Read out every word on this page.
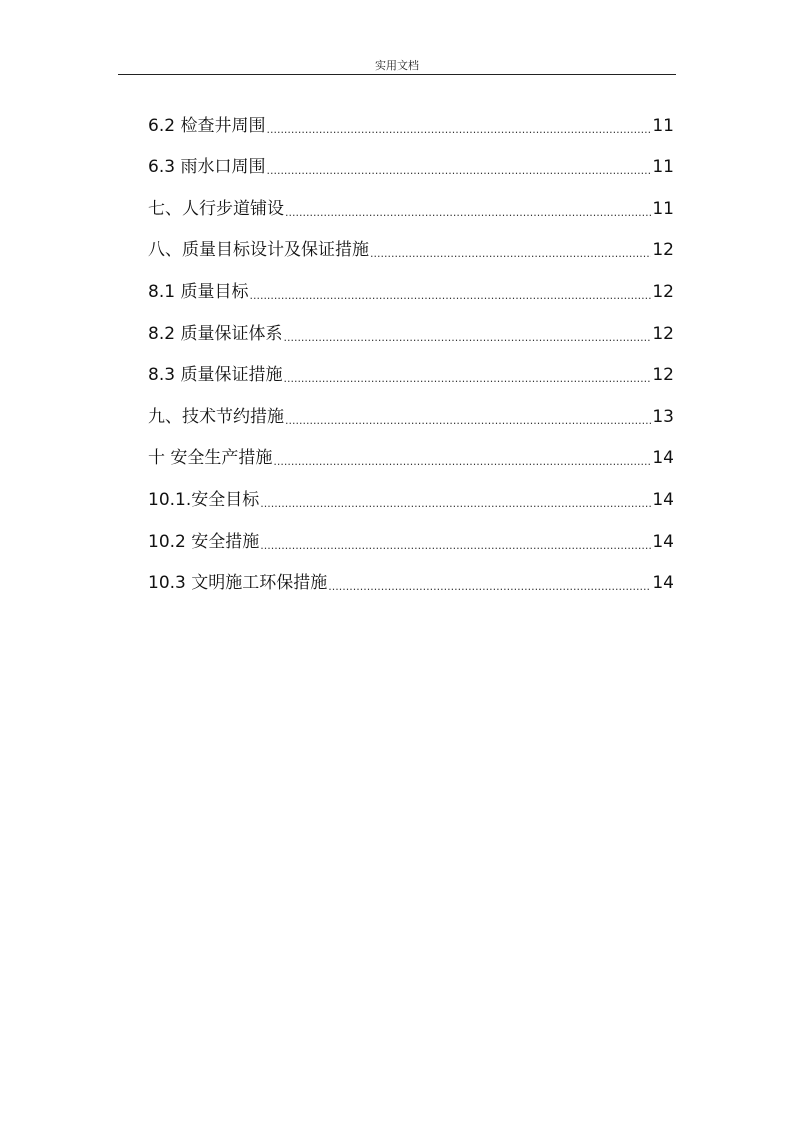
实用文档
6.2 检查井周围 .....	11
6.3 雨水口周围 .....	11
七、人行步道铺设 .....	11
八、质量目标设计及保证措施 .....	12
8.1 质量目标 .....	12
8.2 质量保证体系 .....	12
8.3 质量保证措施 .....	12
九、技术节约措施 .....	13
十 安全生产措施 .....	14
10.1.安全目标 .....	14
10.2 安全措施 .....	14
10.3 文明施工环保措施 .....	14
